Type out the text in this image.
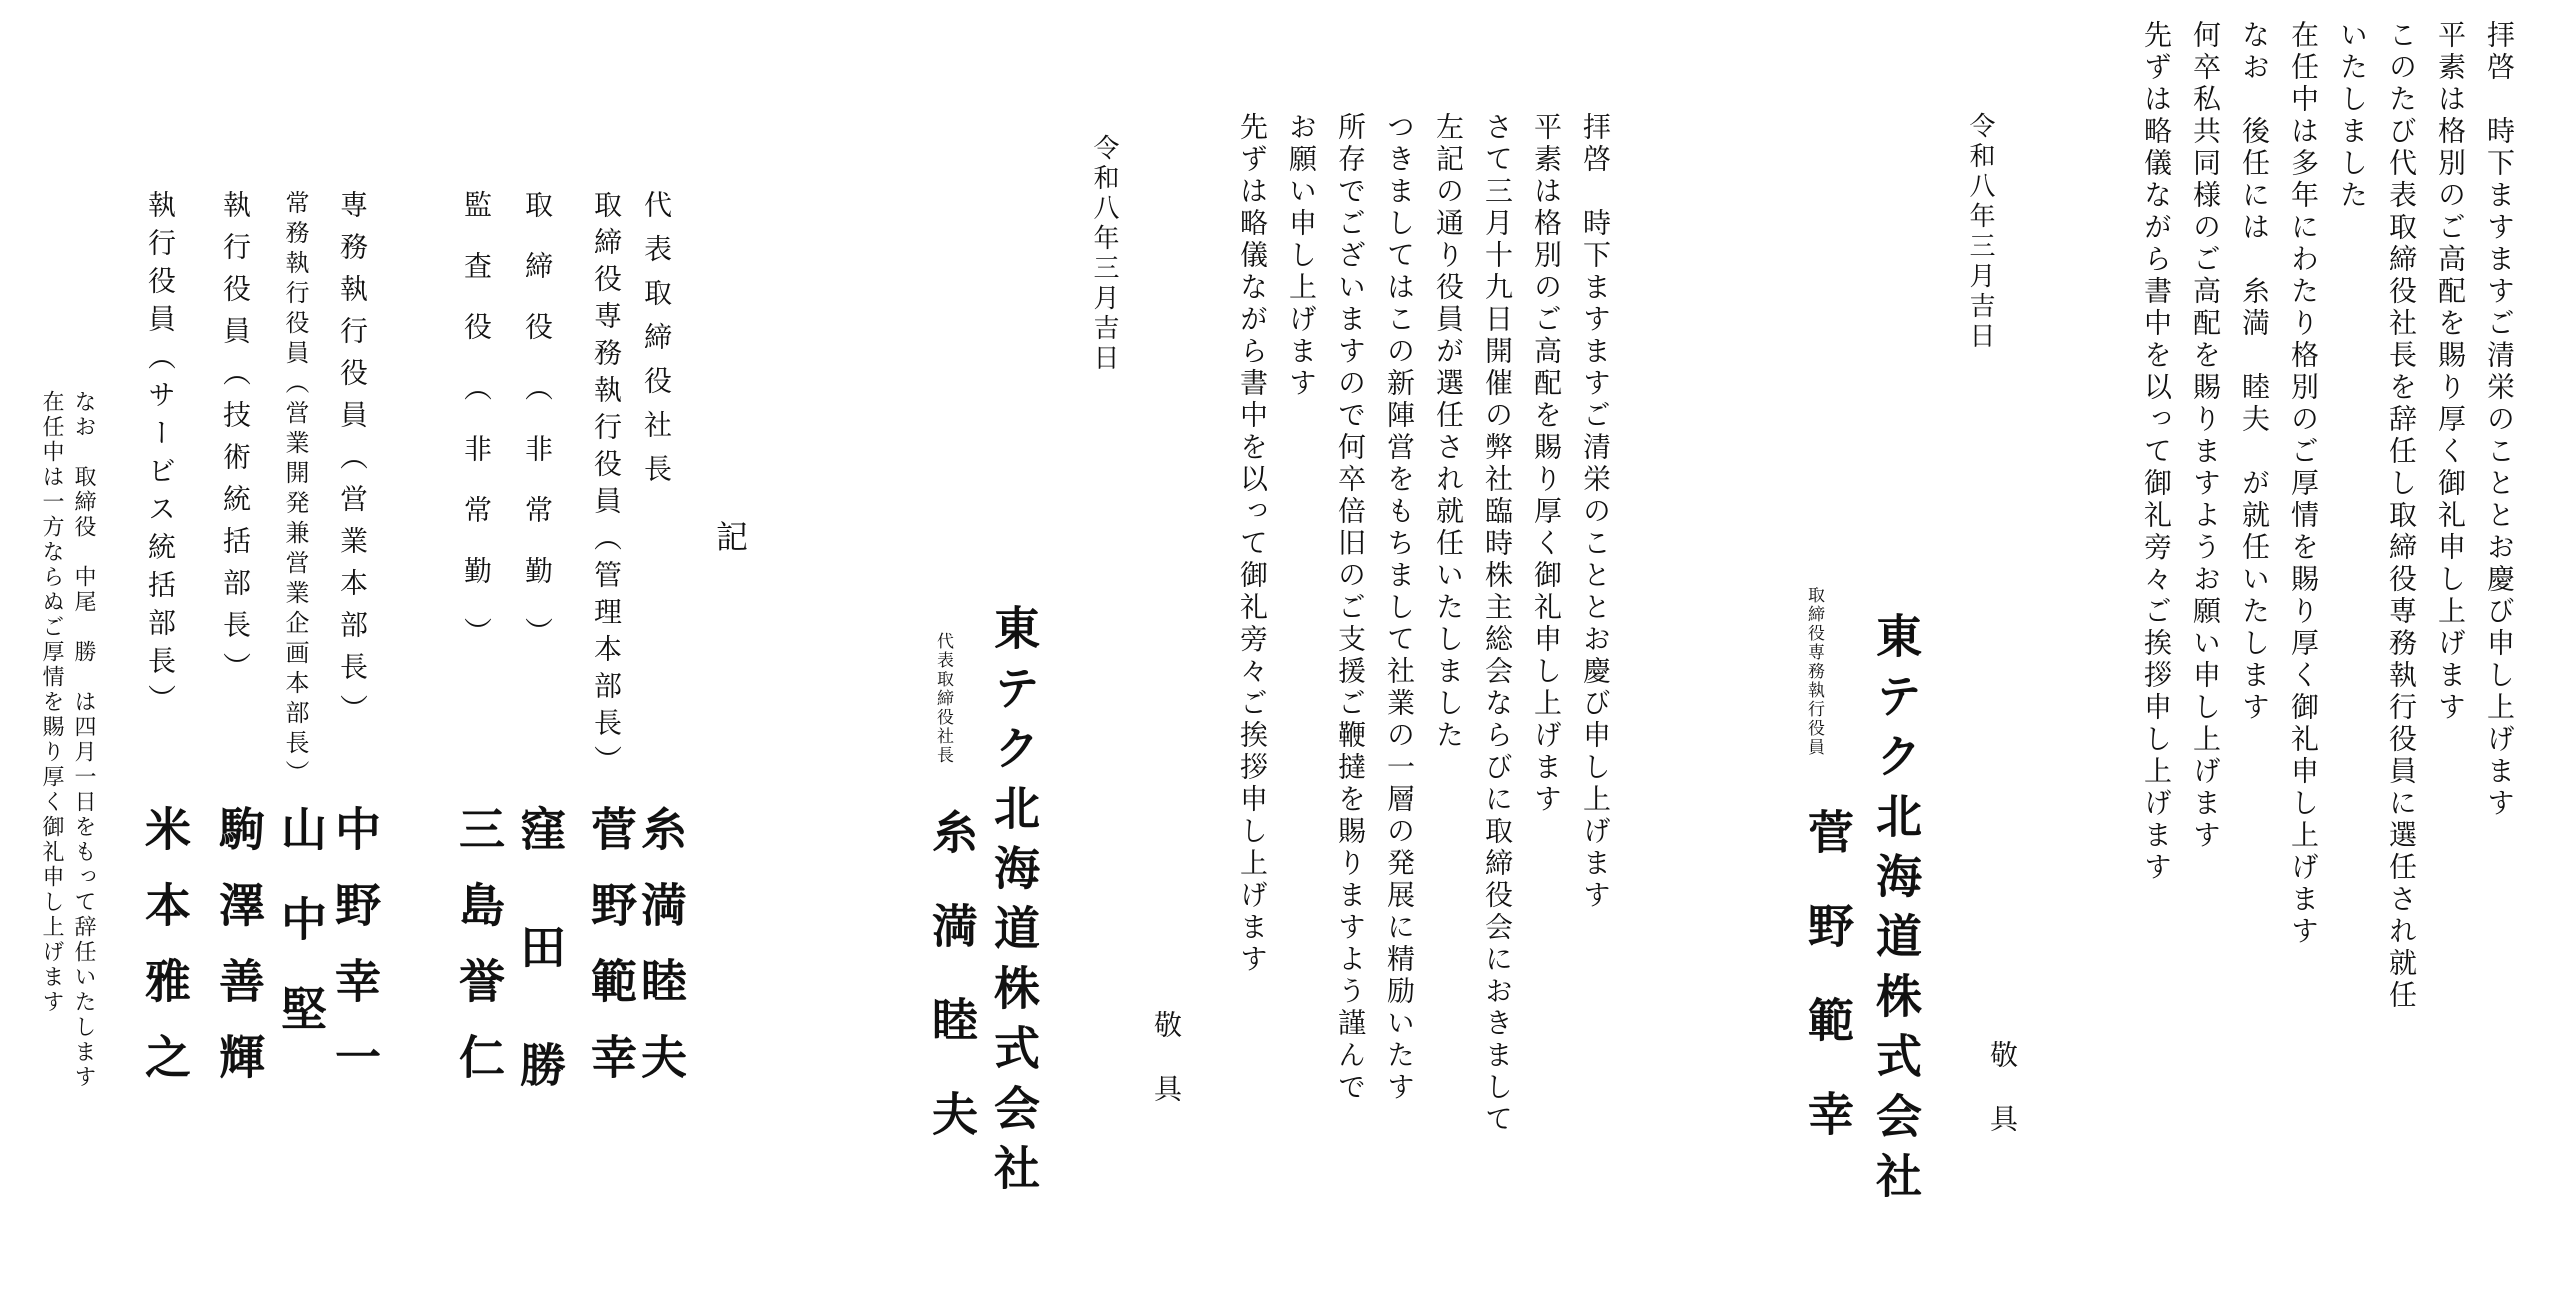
拝啓　時下ますますご清栄のこととお慶び申し上げます
平素は格別のご高配を賜り厚く御礼申し上げます
このたび代表取締役社長を辞任し取締役専務執行役員に選任され就任
いたしました
在任中は多年にわたり格別のご厚情を賜り厚く御礼申し上げます
なお　後任には　糸満　睦夫　が就任いたします
何卒私共同様のご高配を賜りますようお願い申し上げます
先ずは略儀ながら書中を以って御礼旁々ご挨拶申し上げます
敬　具
令和八年三月吉日
東テク北海道株式会社
取締役専務執行役員
菅野範幸
拝啓　時下ますますご清栄のこととお慶び申し上げます
平素は格別のご高配を賜り厚く御礼申し上げます
さて三月十九日開催の弊社臨時株主総会ならびに取締役会におきまして
左記の通り役員が選任され就任いたしました
つきましてはこの新陣営をもちまして社業の一層の発展に精励いたす
所存でございますので何卒倍旧のご支援ご鞭撻を賜りますよう謹んで
お願い申し上げます
先ずは略儀ながら書中を以って御礼旁々ご挨拶申し上げます
敬　具
令和八年三月吉日
東テク北海道株式会社
代表取締役社長
糸満睦夫
記
代表取締役社長
糸満睦夫
取締役専務執行役員（管理本部長）
菅野範幸
取締役（非常勤）
窪田勝
監査役（非常勤）
三島誉仁
専務執行役員（営業本部長）
中野幸一
常務執行役員（営業開発兼営業企画本部長）
山中堅
執行役員（技術統括部長）
駒澤善輝
執行役員（サービス統括部長）
米本雅之
なお　取締役　中尾　勝　は四月一日をもって辞任いたします
在任中は一方ならぬご厚情を賜り厚く御礼申し上げます
